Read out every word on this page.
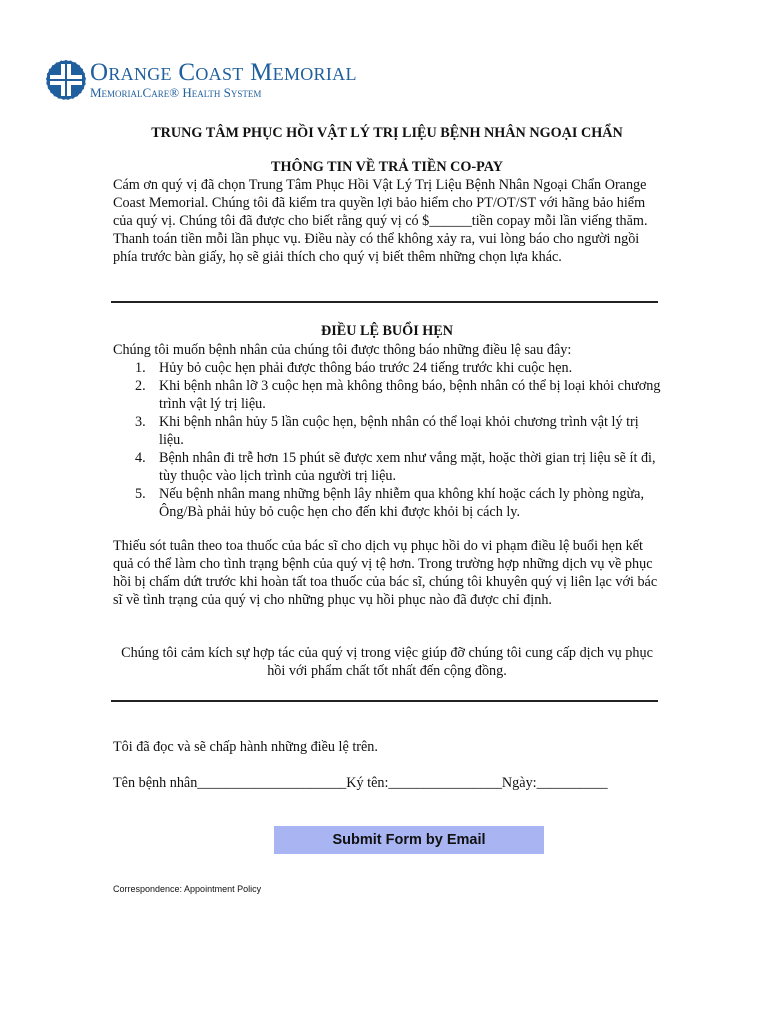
Orange Coast Memorial
MemorialCare® Health System
TRUNG TÂM PHỤC HỒI VẬT LÝ TRỊ LIỆU BỆNH NHÂN NGOẠI CHẨN
THÔNG TIN VỀ TRẢ TIỀN CO-PAY
Cám ơn quý vị đã chọn Trung Tâm Phục Hồi Vật Lý Trị Liệu Bệnh Nhân Ngoại Chẩn Orange Coast Memorial. Chúng tôi đã kiểm tra quyền lợi bảo hiểm cho PT/OT/ST với hãng bảo hiểm của quý vị. Chúng tôi đã được cho biết rằng quý vị có $______tiền copay mỗi lần viếng thăm. Thanh toán tiền mỗi lần phục vụ. Điều này có thể không xảy ra, vui lòng báo cho người ngồi phía trước bàn giấy, họ sẽ giải thích cho quý vị biết thêm những chọn lựa khác.
ĐIỀU LỆ BUỔI HẸN
Chúng tôi muốn bệnh nhân của chúng tôi được thông báo những điều lệ sau đây:
1. Hủy bỏ cuộc hẹn phải được thông báo trước 24 tiếng trước khi cuộc hẹn.
2. Khi bệnh nhân lỡ 3 cuộc hẹn mà không thông báo, bệnh nhân có thể bị loại khỏi chương trình vật lý trị liệu.
3. Khi bệnh nhân hủy 5 lần cuộc hẹn, bệnh nhân có thể loại khỏi chương trình vật lý trị liệu.
4. Bệnh nhân đi trễ hơn 15 phút sẽ được xem như vắng mặt, hoặc thời gian trị liệu sẽ ít đi, tùy thuộc vào lịch trình của người trị liệu.
5. Nếu bệnh nhân mang những bệnh lây nhiễm qua không khí hoặc cách ly phòng ngừa, Ông/Bà phải hủy bỏ cuộc hẹn cho đến khi được khỏi bị cách ly.
Thiếu sót tuân theo toa thuốc của bác sĩ cho dịch vụ phục hồi do vi phạm điều lệ buổi hẹn kết quả có thể làm cho tình trạng bệnh của quý vị tệ hơn. Trong trường hợp những dịch vụ về phục hồi bị chấm dứt trước khi hoàn tất toa thuốc của bác sĩ, chúng tôi khuyên quý vị liên lạc với bác sĩ về tình trạng của quý vị cho những phục vụ hồi phục nào đã được chỉ định.
Chúng tôi cảm kích sự hợp tác của quý vị trong việc giúp đỡ chúng tôi cung cấp dịch vụ phục hồi với phẩm chất tốt nhất đến cộng đồng.
Tôi đã đọc và sẽ chấp hành những điều lệ trên.
Tên bệnh nhân_____________________Ký tên:________________Ngày:__________
Submit Form by Email
Correspondence: Appointment Policy
